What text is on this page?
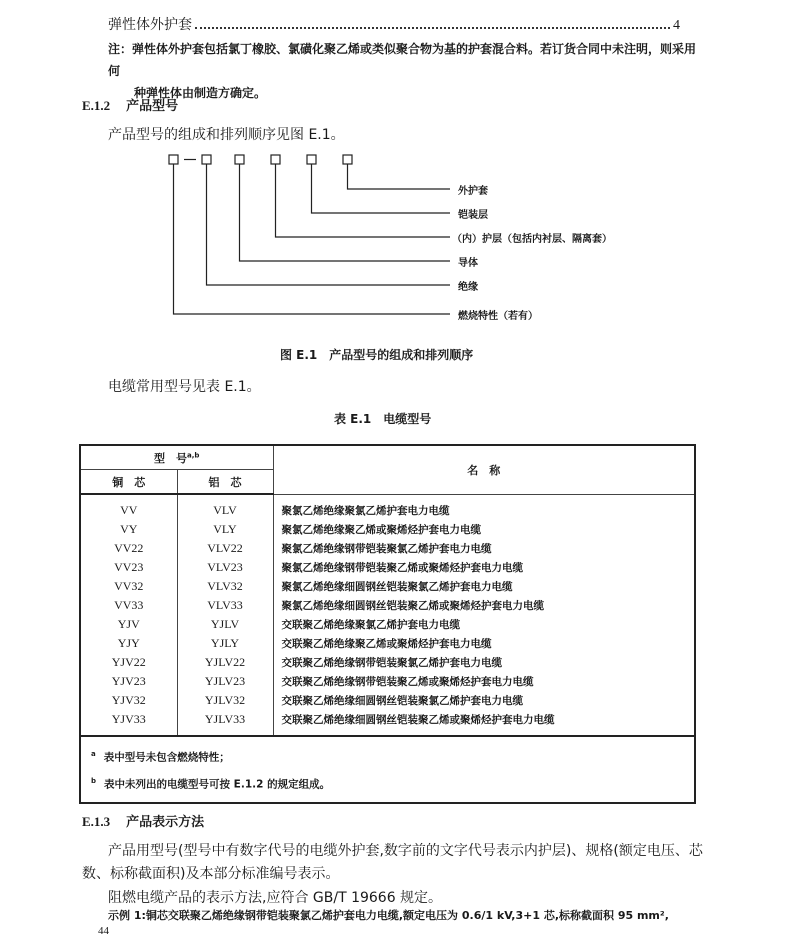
弹性体外护套	4
注：弹性体外护套包括氯丁橡胶、氯磺化聚乙烯或类似聚合物为基的护套混合料。若订货合同中未注明，则采用何
种弹性体由制造方确定。
E.1.2 产品型号
产品型号的组成和排列顺序见图 E.1。
外护套
铠装层
（内）护层（包括内衬层、隔离套）
导体
绝缘
燃烧特性（若有）
图 E.1　产品型号的组成和排列顺序
电缆常用型号见表 E.1。
表 E.1　电缆型号
型　号$^{a,b}$		名　称
铜　芯	铝　芯	
VV	VLV	聚氯乙烯绝缘聚氯乙烯护套电力电缆
VY	VLY	聚氯乙烯绝缘聚乙烯或聚烯烃护套电力电缆
VV22	VLV22	聚氯乙烯绝缘钢带铠装聚氯乙烯护套电力电缆
VV23	VLV23	聚氯乙烯绝缘钢带铠装聚乙烯或聚烯烃护套电力电缆
VV32	VLV32	聚氯乙烯绝缘细圆钢丝铠装聚氯乙烯护套电力电缆
VV33	VLV33	聚氯乙烯绝缘细圆钢丝铠装聚乙烯或聚烯烃护套电力电缆
YJV	YJLV	交联聚乙烯绝缘聚氯乙烯护套电力电缆
YJY	YJLY	交联聚乙烯绝缘聚乙烯或聚烯烃护套电力电缆
YJV22	YJLV22	交联聚乙烯绝缘钢带铠装聚氯乙烯护套电力电缆
YJV23	YJLV23	交联聚乙烯绝缘钢带铠装聚乙烯或聚烯烃护套电力电缆
YJV32	YJLV32	交联聚乙烯绝缘细圆钢丝铠装聚氯乙烯护套电力电缆
YJV33	YJLV33	交联聚乙烯绝缘细圆钢丝铠装聚乙烯或聚烯烃护套电力电缆

$^a$ 表中型号未包含燃烧特性；
$^b$ 表中未列出的电缆型号可按 E.1.2 的规定组成。		
E.1.3 产品表示方法
产品用型号(型号中有数字代号的电缆外护套,数字前的文字代号表示内护层)、规格(额定电压、芯
数、标称截面积)及本部分标准编号表示。
阻燃电缆产品的表示方法,应符合 GB/T 19666 规定。
示例 1:铜芯交联聚乙烯绝缘钢带铠装聚氯乙烯护套电力电缆,额定电压为 0.6/1 kV,3+1 芯,标称截面积 95 mm²,
44
